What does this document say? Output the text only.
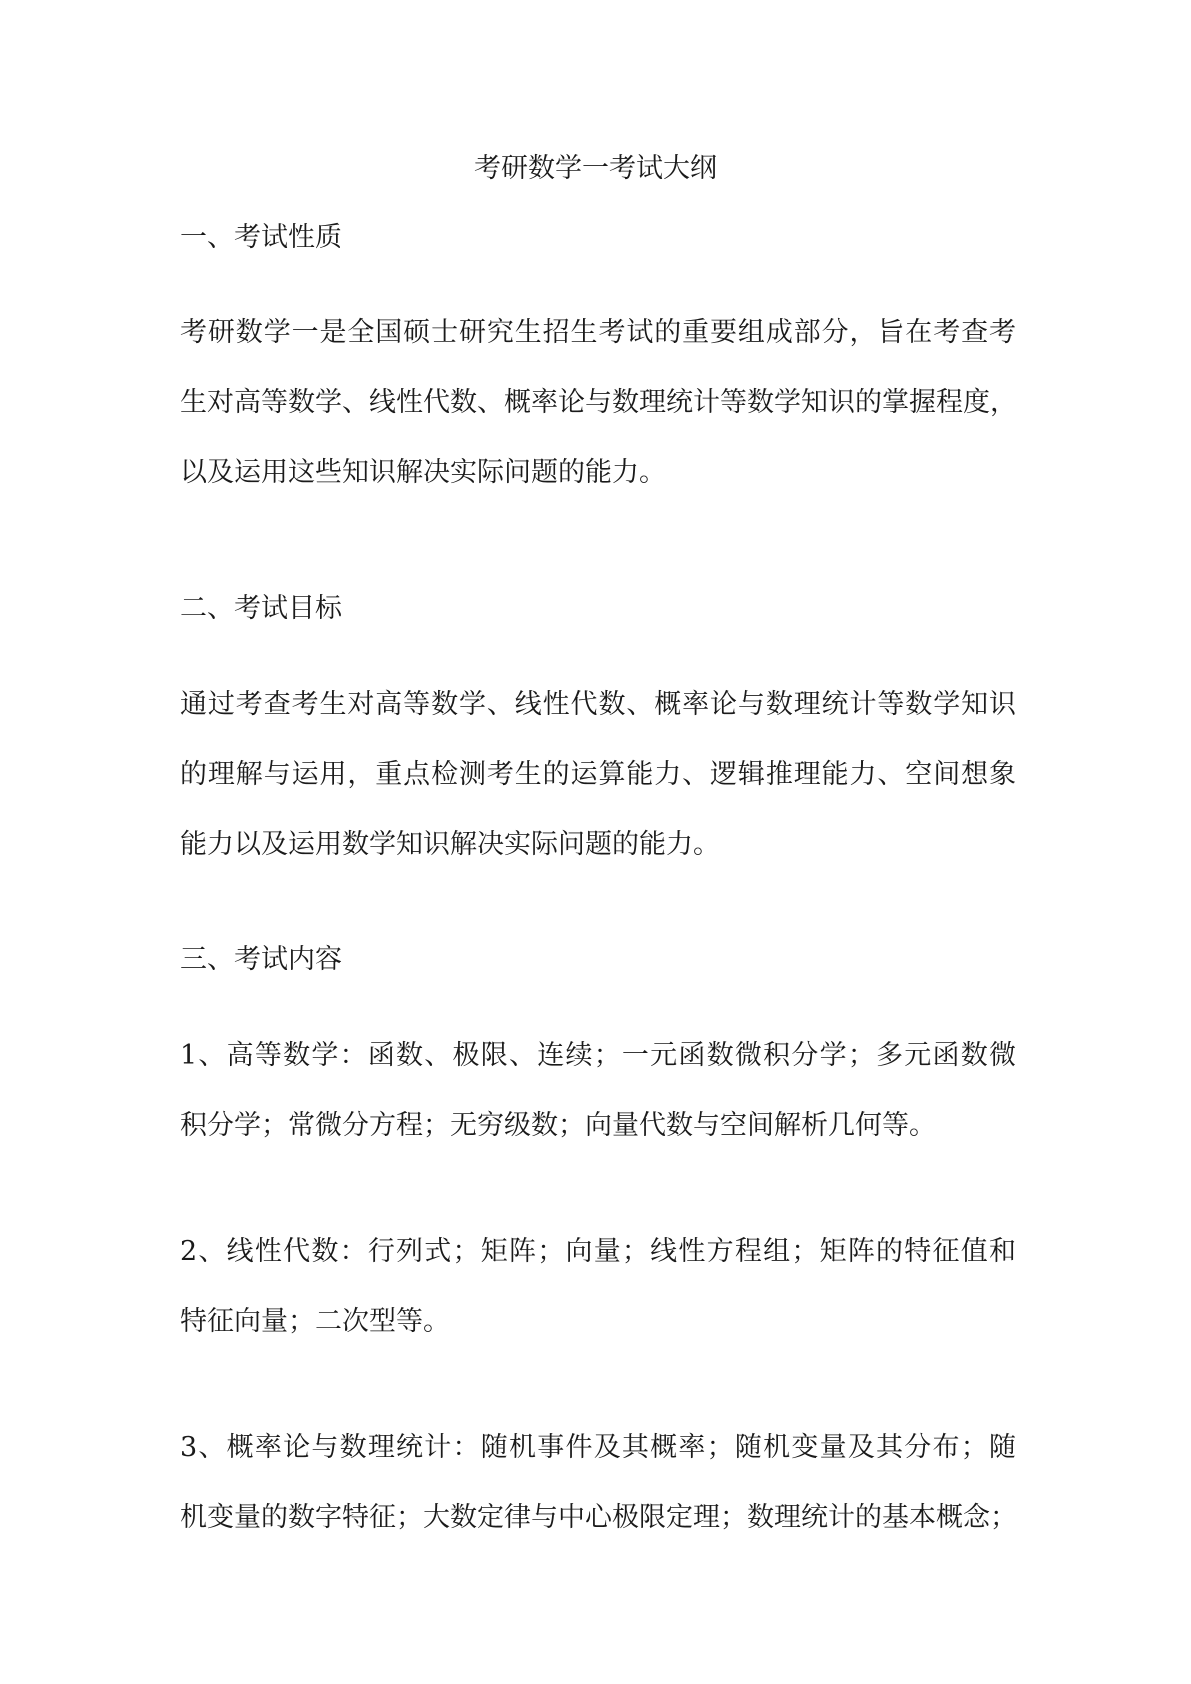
考研数学一考试大纲
一、考试性质

考研数学一是全国硕士研究生招生考试的重要组成部分，旨在考查考
生对高等数学、线性代数、概率论与数理统计等数学知识的掌握程度，
以及运用这些知识解决实际问题的能力。

二、考试目标

通过考查考生对高等数学、线性代数、概率论与数理统计等数学知识
的理解与运用，重点检测考生的运算能力、逻辑推理能力、空间想象
能力以及运用数学知识解决实际问题的能力。

三、考试内容

1、高等数学：函数、极限、连续；一元函数微积分学；多元函数微
积分学；常微分方程；无穷级数；向量代数与空间解析几何等。

2、线性代数：行列式；矩阵；向量；线性方程组；矩阵的特征值和
特征向量；二次型等。

3、概率论与数理统计：随机事件及其概率；随机变量及其分布；随
机变量的数字特征；大数定律与中心极限定理；数理统计的基本概念；
